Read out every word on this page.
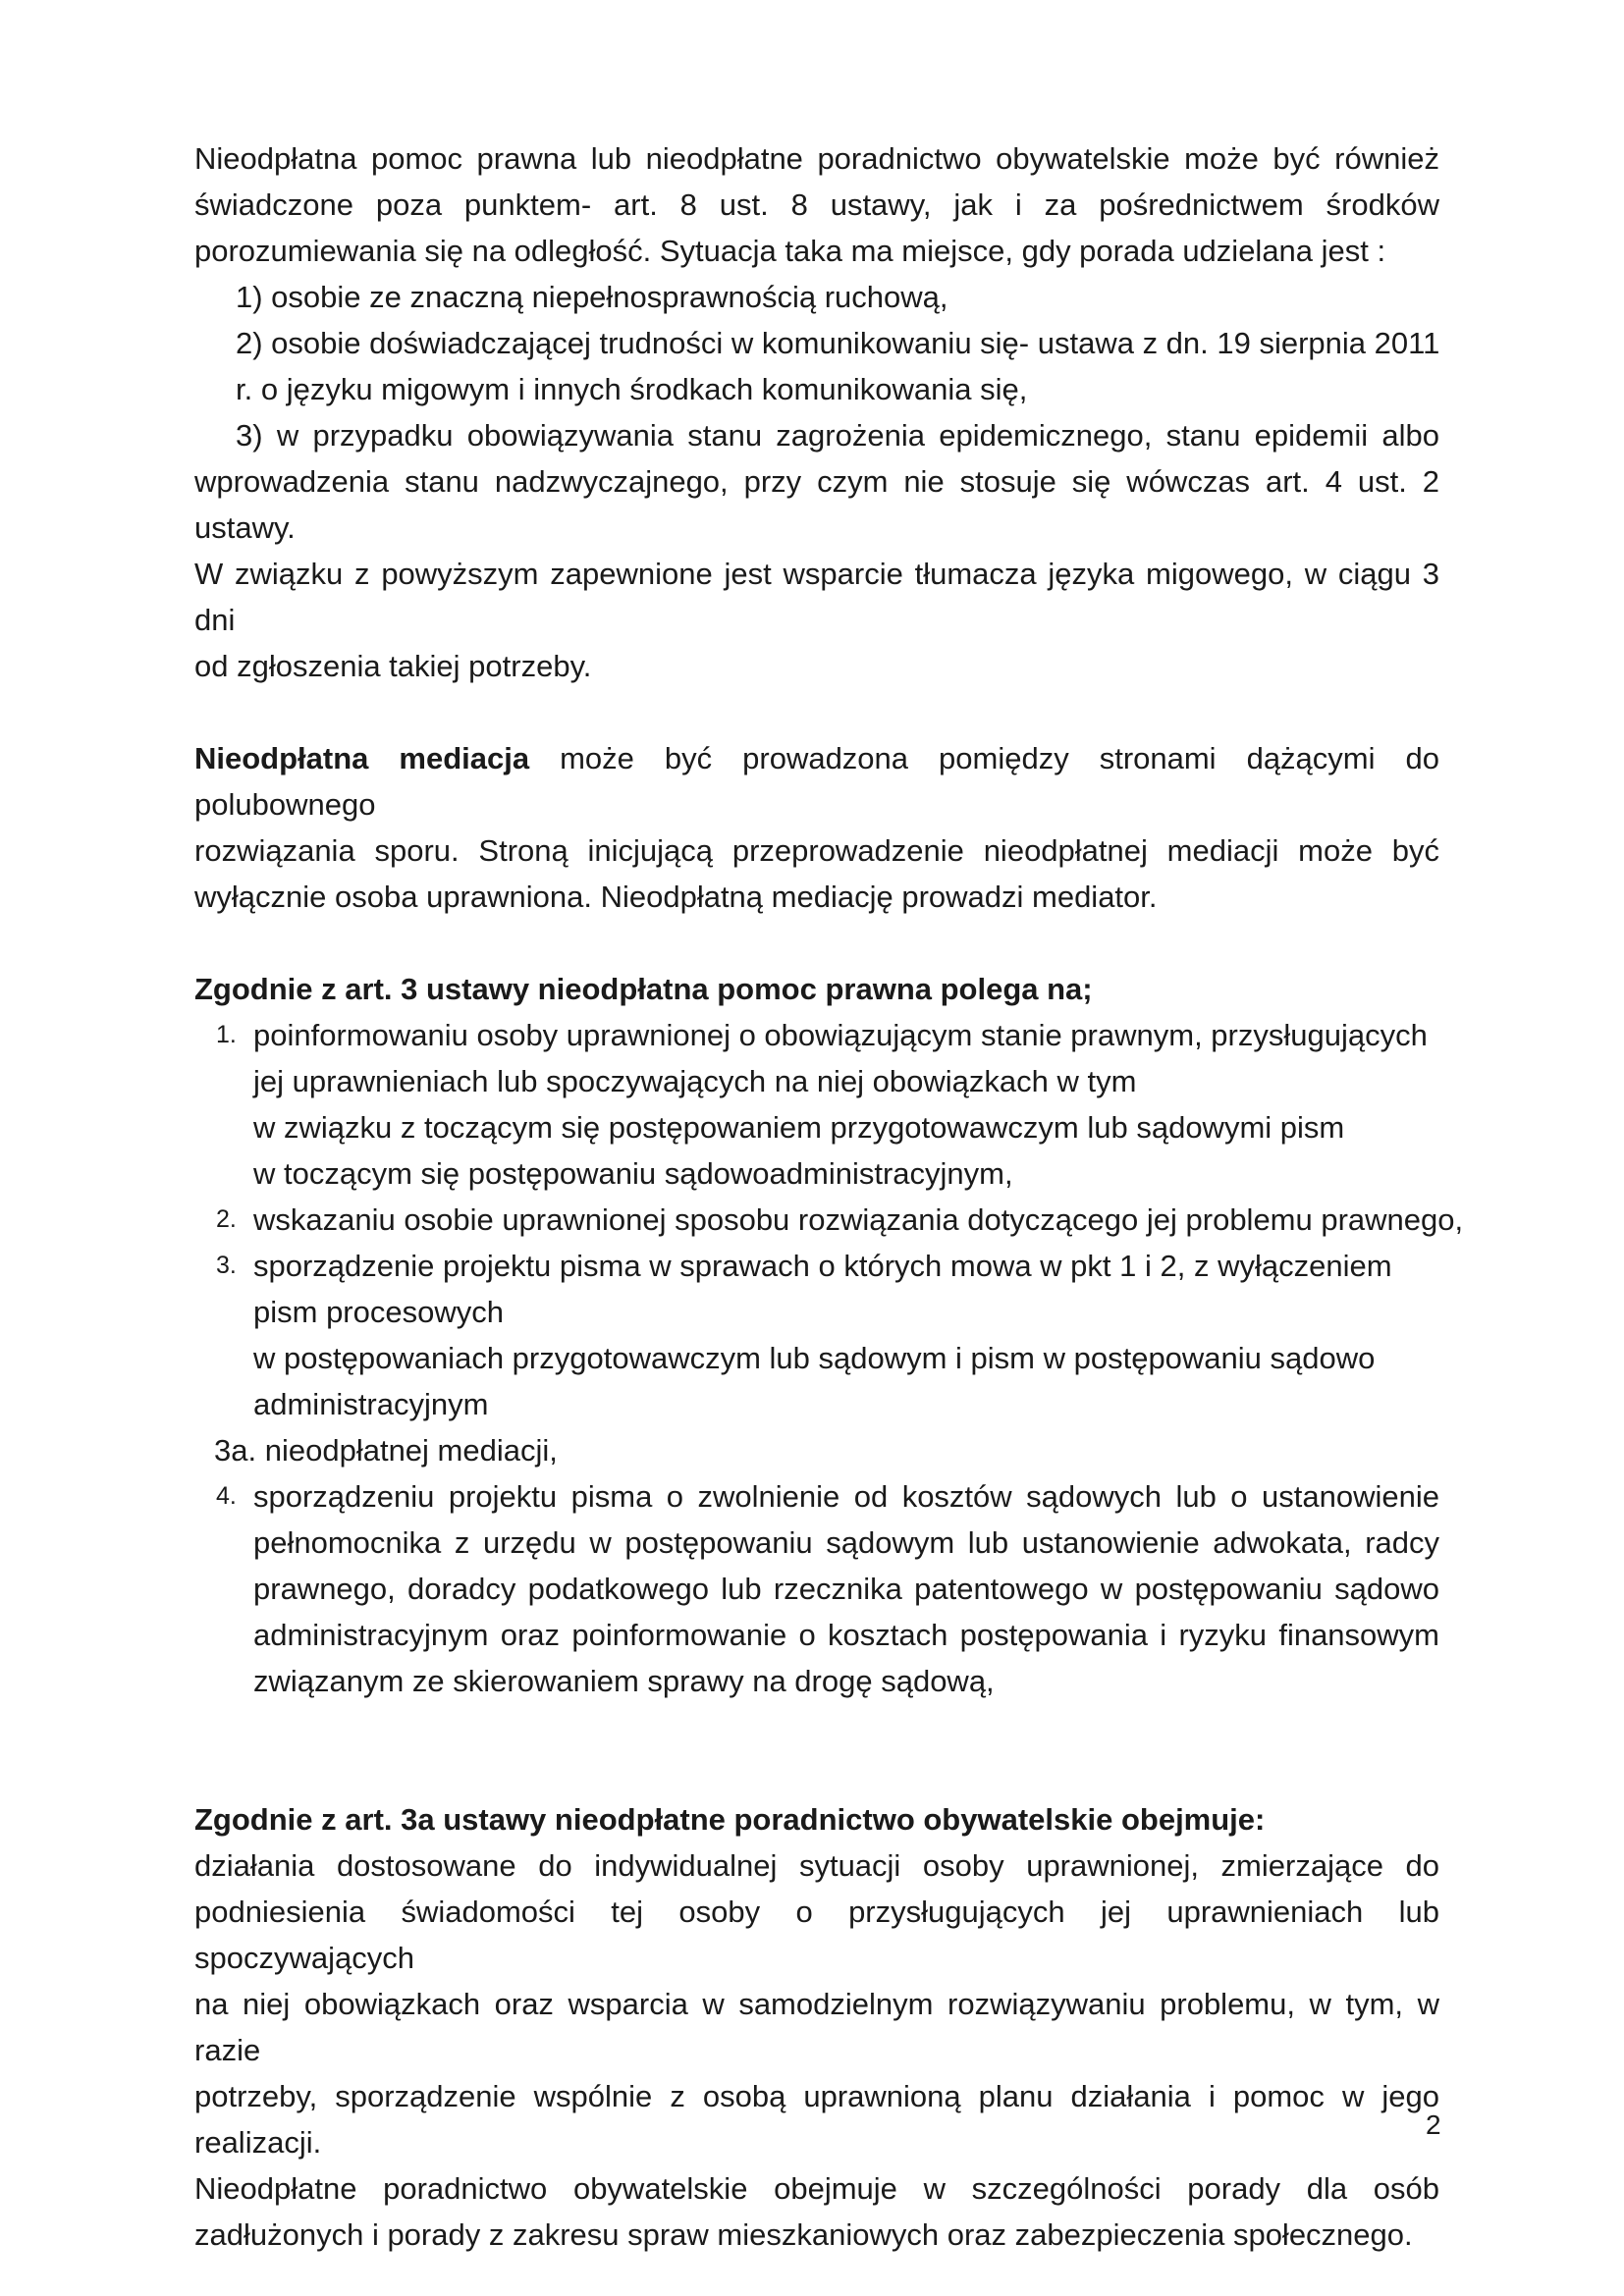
Nieodpłatna pomoc prawna lub nieodpłatne poradnictwo obywatelskie może być również
świadczone poza punktem- art. 8 ust. 8 ustawy, jak i za pośrednictwem środków
porozumiewania się na odległość. Sytuacja taka ma miejsce, gdy porada udzielana jest :
1) osobie ze znaczną niepełnosprawnością ruchową,
2) osobie doświadczającej trudności w komunikowaniu się- ustawa z dn. 19 sierpnia 2011
r. o języku migowym i innych środkach komunikowania się,
3) w przypadku obowiązywania stanu zagrożenia epidemicznego, stanu epidemii albo
wprowadzenia stanu nadzwyczajnego, przy czym nie stosuje się wówczas art. 4 ust. 2 ustawy.
W związku z powyższym zapewnione jest wsparcie tłumacza języka migowego, w ciągu 3 dni
od zgłoszenia takiej potrzeby.
Nieodpłatna mediacja może być prowadzona pomiędzy stronami dążącymi do polubownego
rozwiązania sporu. Stroną inicjującą przeprowadzenie nieodpłatnej mediacji może być
wyłącznie osoba uprawniona. Nieodpłatną mediację prowadzi mediator.
Zgodnie z art. 3 ustawy nieodpłatna pomoc prawna polega na;
1. poinformowaniu osoby uprawnionej o obowiązującym stanie prawnym, przysługujących
jej uprawnieniach lub spoczywających na niej obowiązkach w tym
w związku z toczącym się postępowaniem przygotowawczym lub sądowymi pism
w toczącym się postępowaniu sądowoadministracyjnym,
2. wskazaniu osobie uprawnionej sposobu rozwiązania dotyczącego jej problemu prawnego,
3. sporządzenie projektu pisma w sprawach o których mowa w pkt 1 i 2, z wyłączeniem
pism procesowych
w postępowaniach przygotowawczym lub sądowym i pism w postępowaniu sądowo
administracyjnym
3a. nieodpłatnej mediacji,
4. sporządzeniu projektu pisma o zwolnienie od kosztów sądowych lub o ustanowienie
pełnomocnika z urzędu w postępowaniu sądowym lub ustanowienie adwokata, radcy
prawnego, doradcy podatkowego lub rzecznika patentowego w postępowaniu sądowo
administracyjnym oraz poinformowanie o kosztach postępowania i ryzyku finansowym
związanym ze skierowaniem sprawy na drogę sądową,
Zgodnie z art. 3a ustawy nieodpłatne poradnictwo obywatelskie obejmuje:
działania dostosowane do indywidualnej sytuacji osoby uprawnionej, zmierzające do
podniesienia świadomości tej osoby o przysługujących jej uprawnieniach lub spoczywających
na niej obowiązkach oraz wsparcia w samodzielnym rozwiązywaniu problemu, w tym, w razie
potrzeby, sporządzenie wspólnie z osobą uprawnioną planu działania i pomoc w jego realizacji.
Nieodpłatne poradnictwo obywatelskie obejmuje w szczególności porady dla osób
zadłużonych i porady z zakresu spraw mieszkaniowych oraz zabezpieczenia społecznego.
2
